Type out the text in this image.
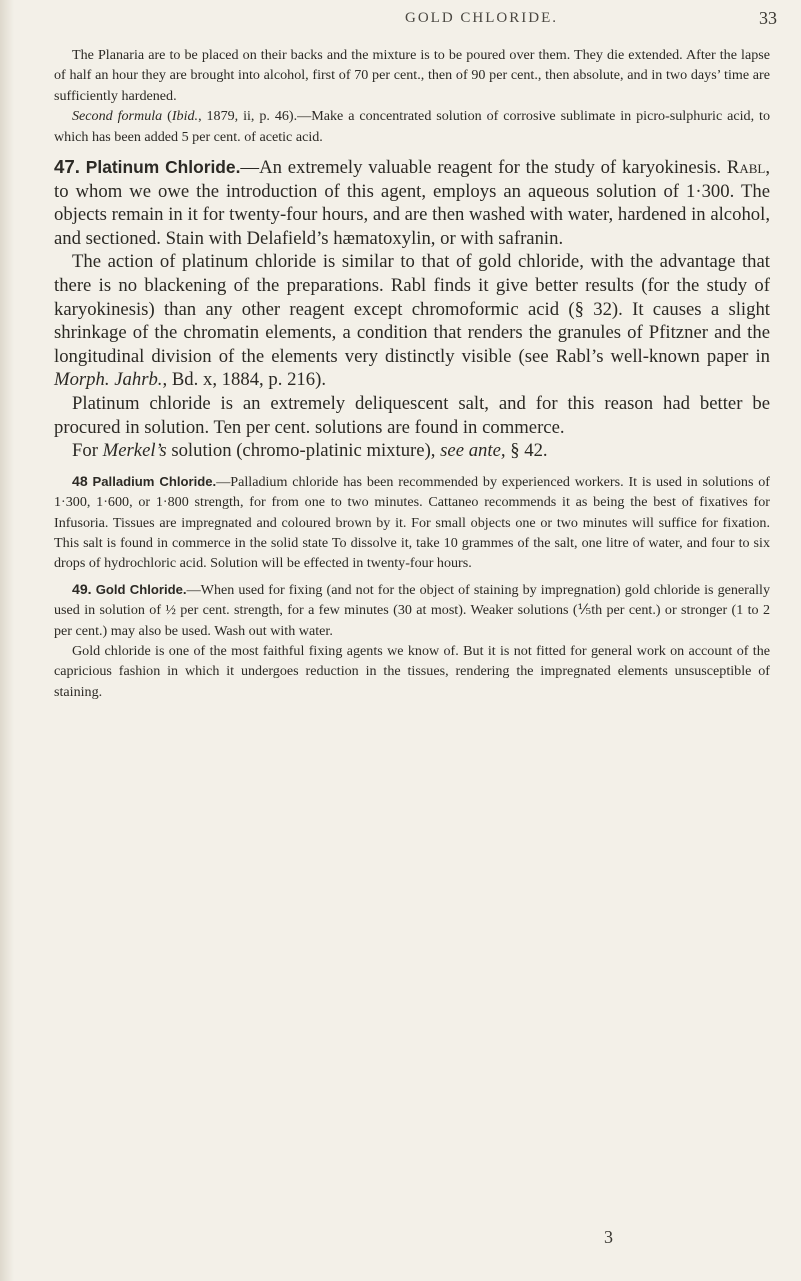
GOLD CHLORIDE.	33

The Planaria are to be placed on their backs and the mixture is to be poured over them. They die extended. After the lapse of half an hour they are brought into alcohol, first of 70 per cent., then of 90 per cent., then absolute, and in two days’ time are sufficiently hardened.

Second formula (Ibid., 1879, ii, p. 46).—Make a concentrated solution of corrosive sublimate in picro-sulphuric acid, to which has been added 5 per cent. of acetic acid.

47. Platinum Chloride.—An extremely valuable reagent for the study of karyokinesis. Rabl, to whom we owe the introduction of this agent, employs an aqueous solution of 1·300. The objects remain in it for twenty-four hours, and are then washed with water, hardened in alcohol, and sectioned. Stain with Delafield’s hæmatoxylin, or with safranin.

The action of platinum chloride is similar to that of gold chloride, with the advantage that there is no blackening of the preparations. Rabl finds it give better results (for the study of karyokinesis) than any other reagent except chromoformic acid (§ 32). It causes a slight shrinkage of the chromatin elements, a condition that renders the granules of Pfitzner and the longitudinal division of the elements very distinctly visible (see Rabl’s well-known paper in Morph. Jahrb., Bd. x, 1884, p. 216).

Platinum chloride is an extremely deliquescent salt, and for this reason had better be procured in solution. Ten per cent. solutions are found in commerce.

For Merkel’s solution (chromo-platinic mixture), see ante, § 42.

48 Palladium Chloride.—Palladium chloride has been recommended by experienced workers. It is used in solutions of 1·300, 1·600, or 1·800 strength, for from one to two minutes. Cattaneo recommends it as being the best of fixatives for Infusoria. Tissues are impregnated and coloured brown by it. For small objects one or two minutes will suffice for fixation. This salt is found in commerce in the solid state To dissolve it, take 10 grammes of the salt, one litre of water, and four to six drops of hydrochloric acid. Solution will be effected in twenty-four hours.

49. Gold Chloride.—When used for fixing (and not for the object of staining by impregnation) gold chloride is generally used in solution of ½ per cent. strength, for a few minutes (30 at most). Weaker solutions (⅕th per cent.) or stronger (1 to 2 per cent.) may also be used. Wash out with water.

Gold chloride is one of the most faithful fixing agents we know of. But it is not fitted for general work on account of the capricious fashion in which it undergoes reduction in the tissues, rendering the impregnated elements unsusceptible of staining.

3
